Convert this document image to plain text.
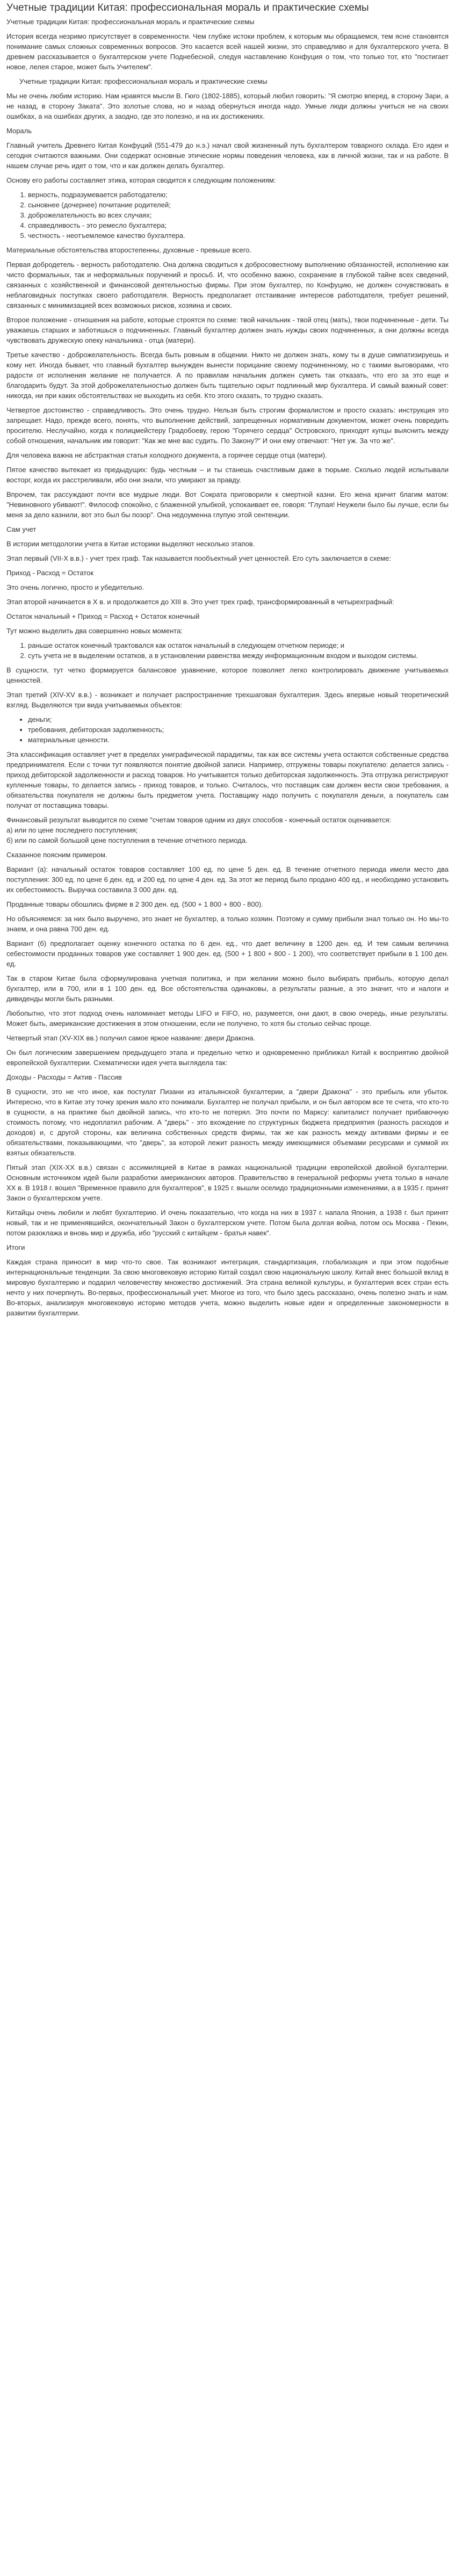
Учетные традиции Китая: профессиональная мораль и практические схемы

Учетные традиции Китая: профессиональная мораль и практические схемы

История всегда незримо присутствует в современности. Чем глубже истоки проблем, к которым мы обращаемся, тем ясне становятся понимание самых сложных современных вопросов. Это касается всей нашей жизни, это справедливо и для бухгалтерского учета. В древнем рассказывается о бухгалтерском учете Поднебесной, следуя наставлению Конфуция о том, что только тот, кто "постигает новое, лелея старое, может быть Учителем".

Учетные традиции Китая: профессиональная мораль и практические схемы

Мы не очень любим историю. Нам нравятся мысли В. Гюго (1802-1885), который любил говорить: "Я смотрю вперед, в сторону Зари, а не назад, в сторону Заката". Это золотые слова, но и назад обернуться иногда надо. Умные люди должны учиться не на своих ошибках, а на ошибках других, а заодно, где это полезно, и на их достижениях.

Мораль

Главный учитель Древнего Китая Конфуций (551-479 до н.э.) начал свой жизненный путь бухгалтером товарного склада. Его идеи и сегодня считаются важными. Они содержат основные этические нормы поведения человека, как в личной жизни, так и на работе. В нашем случае речь идет о том, что и как должен делать бухгалтер.

Основу его работы составляет этика, которая сводится к следующим положениям:

1. верность, подразумевается работодателю;
2. сыновнее (дочернее) почитание родителей;
3. доброжелательность во всех случаях;
4. справедливость - это ремесло бухгалтера;
5. честность - неотъемлемое качество бухгалтера.

Материальные обстоятельства второстепенны, духовные - превыше всего.

Первая добродетель - верность работодателю. Она должна сводиться к добросовестному выполнению обязанностей, исполнению как чисто формальных, так и неформальных поручений и просьб. И, что особенно важно, сохранение в глубокой тайне всех сведений, связанных с хозяйственной и финансовой деятельностью фирмы. При этом бухгалтер, по Конфуцию, не должен сочувствовать в неблаговидных поступках своего работодателя. Верность предполагает отстаивание интересов работодателя, требует решений, связанных с минимизацией всех возможных рисков, хозяина и своих.

Второе положение - отношения на работе, которые строятся по схеме: твой начальник - твой отец (мать), твои подчиненные - дети. Ты уважаешь старших и заботишься о подчиненных. Главный бухгалтер должен знать нужды своих подчиненных, а они должны всегда чувствовать дружескую опеку начальника - отца (матери).

Третье качество - доброжелательность. Всегда быть ровным в общении. Никто не должен знать, кому ты в душе симпатизируешь и кому нет. Иногда бывает, что главный бухгалтер вынужден вынести порицание своему подчиненному, но с такими выговорами, что радости от исполнения желание не получается. А по правилам начальник должен суметь так отказать, что его за это еще и благодарить будут. За этой доброжелательностью должен быть тщательно скрыт подлинный мир бухгалтера. И самый важный совет: никогда, ни при каких обстоятельствах не выходить из себя. Кто этого сказать, то трудно сказать.

Четвертое достоинство - справедливость. Это очень трудно. Нельзя быть строгим формалистом и просто сказать: инструкция это запрещает. Надо, прежде всего, понять, что выполнение действий, запрещенных нормативным документом, может очень повредить просителю. Неслучайно, когда к полицмейстеру Градобоеву, герою "Горячего сердца" Островского, приходят купцы выяснить между собой отношения, начальник им говорит: "Как же мне вас судить. По Закону?" И они ему отвечают: "Нет уж. За что же".

Для человека важна не абстрактная статья холодного документа, а горячее сердце отца (матери).

Пятое качество вытекает из предыдущих: будь честным – и ты станешь счастливым даже в тюрьме. Сколько людей испытывали восторг, когда их расстреливали, ибо они знали, что умирают за правду.

Впрочем, так рассуждают почти все мудрые люди. Вот Сократа приговорили к смертной казни. Его жена кричит благим матом: "Невиновного убивают!". Философ спокойно, с блаженной улыбкой, успокаивает ее, говоря: "Глупая! Неужели было бы лучше, если бы меня за дело казнили, вот это был бы позор". Она недоуменна глупую этой сентенции.

Сам учет

В истории методологии учета в Китае историки выделяют несколько этапов.

Этап первый (VII-X в.в.) - учет трех граф. Так называется пообъектный учет ценностей. Его суть заключается в схеме:

Приход - Расход = Остаток

Это очень логично, просто и убедительно.

Этап второй начинается в X в. и продолжается до XIII в. Это учет трех граф, трансформированный в четырехграфный:

Остаток начальный + Приход = Расход + Остаток конечный

Тут можно выделить два совершенно новых момента:

1. раньше остаток конечный трактовался как остаток начальный в следующем отчетном периоде; и
2. суть учета не в выделении остатков, а в установлении равенства между информационным входом и выходом системы.

В сущности, тут четко формируется балансовое уравнение, которое позволяет легко контролировать движение учитываемых ценностей.

Этап третий (XIV-XV в.в.) - возникает и получает распространение трехшаговая бухгалтерия. Здесь впервые новый теоретический взгляд. Выделяются три вида учитываемых объектов:

• деньги;
• требования, дебиторская задолженность;
• материальные ценности.

Эта классификация оставляет учет в пределах униграфической парадигмы, так как все системы учета остаются собственные средства предпринимателя. Если с точки тут появляются понятие двойной записи. Например, отгружены товары покупателю: делается запись - приход дебиторской задолженности и расход товаров. Но учитывается только дебиторская задолженность. Эта отгрузка регистрируют купленные товары, то делается запись - приход товаров, и только. Считалось, что поставщик сам должен вести свои требования, а обязательства покупателя не должны быть предметом учета. Поставщику надо получить с покупателя деньги, а покупатель сам получат от поставщика товары.

Финансовый результат выводится по схеме "счетам товаров одним из двух способов - конечный остаток оценивается:

а) или по цене последнего поступления;

б) или по самой большой цене поступления в течение отчетного периода.

Сказанное поясним примером.

Вариант (а): начальный остаток товаров составляет 100 ед. по цене 5 ден. ед. В течение отчетного периода имели место два поступления: 300 ед. по цене 6 ден. ед. и 200 ед. по цене 4 ден. ед. За этот же период было продано 400 ед., и необходимо установить их себестоимость. Выручка составила 3 000 ден. ед.

Проданные товары обошлись фирме в 2 300 ден. ед. (500 + 1 800 + 800 - 800).

Но объясняемся: за них было выручено, это знает не бухгалтер, а только хозяин. Поэтому и сумму прибыли знал только он. Но мы-то знаем, и она равна 700 ден. ед.

Вариант (б) предполагает оценку конечного остатка по 6 ден. ед., что дает величину в 1200 ден. ед. И тем самым величина себестоимости проданных товаров уже составляет 1 900 ден. ед. (500 + 1 800 + 800 - 1 200), что соответствует прибыли в 1 100 ден. ед.

Так в старом Китае была сформулирована учетная политика, и при желании можно было выбирать прибыль, которую делал бухгалтер, или в 700, или в 1 100 ден. ед. Все обстоятельства одинаковы, а результаты разные, а это значит, что и налоги и дивиденды могли быть разными.

Любопытно, что этот подход очень напоминает методы LIFO и FIFO, но, разумеется, они дают, в свою очередь, иные результаты. Может быть, американские достижения в этом отношении, если не получено, то хотя бы столько сейчас проще.

Четвертый этап (XV-XIX вв.) получил самое яркое название: двери Дракона.

Он был логическим завершением предыдущего этапа и предельно четко и одновременно приближал Китай к восприятию двойной европейской бухгалтерии. Схематически идея учета выглядела так:

Доходы - Расходы = Актив - Пассив

В сущности, это не что иное, как постулат Пизани из итальянской бухгалтерии, а "двери Дракона" - это прибыль или убыток. Интересно, что в Китае эту точку зрения мало кто понимали. Бухгалтер не получал прибыли, и он был автором все те счета, что кто-то в сущности, а на практике был двойной запись, что кто-то не потерял. Это почти по Марксу: капиталист получает прибавочную стоимость потому, что недоплатил рабочим. А "дверь" - это вхождение по структурных бюджета предприятия (разность расходов и доходов) и, с другой стороны, как величина собственных средств фирмы, так же как разность между активами фирмы и ее обязательствами, показывающими, что "дверь", за которой лежит разность между имеющимися объемами ресурсами и суммой их взятых обязательств.

Пятый этап (XIX-XX в.в.) связан с ассимиляцией в Китае в рамках национальной традиции европейской двойной бухгалтерии. Основным источником идей были разработки американских авторов. Правительство в генеральной реформы учета только в начале XX в. В 1918 г. вошел "Временное правило для бухгалтеров", в 1925 г. вышли оселидо традиционными изменениями, а в 1935 г. принят Закон о бухгалтерском учете.

Китайцы очень любили и любят бухгалтерию. И очень показательно, что когда на них в 1937 г. напала Япония, а 1938 г. был принят новый, так и не применявшийся, окончательный Закон о бухгалтерском учете. Потом была долгая война, потом ось Москва - Пекин, потом разоклажа и вновь мир и дружба, ибо "русский с китайцем - братья навек".

Итоги

Каждая страна приносит в мир что-то свое. Так возникают интеграция, стандартизация, глобализация и при этом подобные интернациональные тенденции. За свою многовековую историю Китай создал свою национальную школу. Китай внес большой вклад в мировую бухгалтерию и подарил человечеству множество достижений. Эта страна великой культуры, и бухгалтерия всех стран есть нечто у них почерпнуть. Во-первых, профессиональный учет. Многое из того, что было здесь рассказано, очень полезно знать и нам. Во-вторых, анализируя многовековую историю методов учета, можно выделить новые идеи и определенные закономерности в развитии бухгалтерии.
